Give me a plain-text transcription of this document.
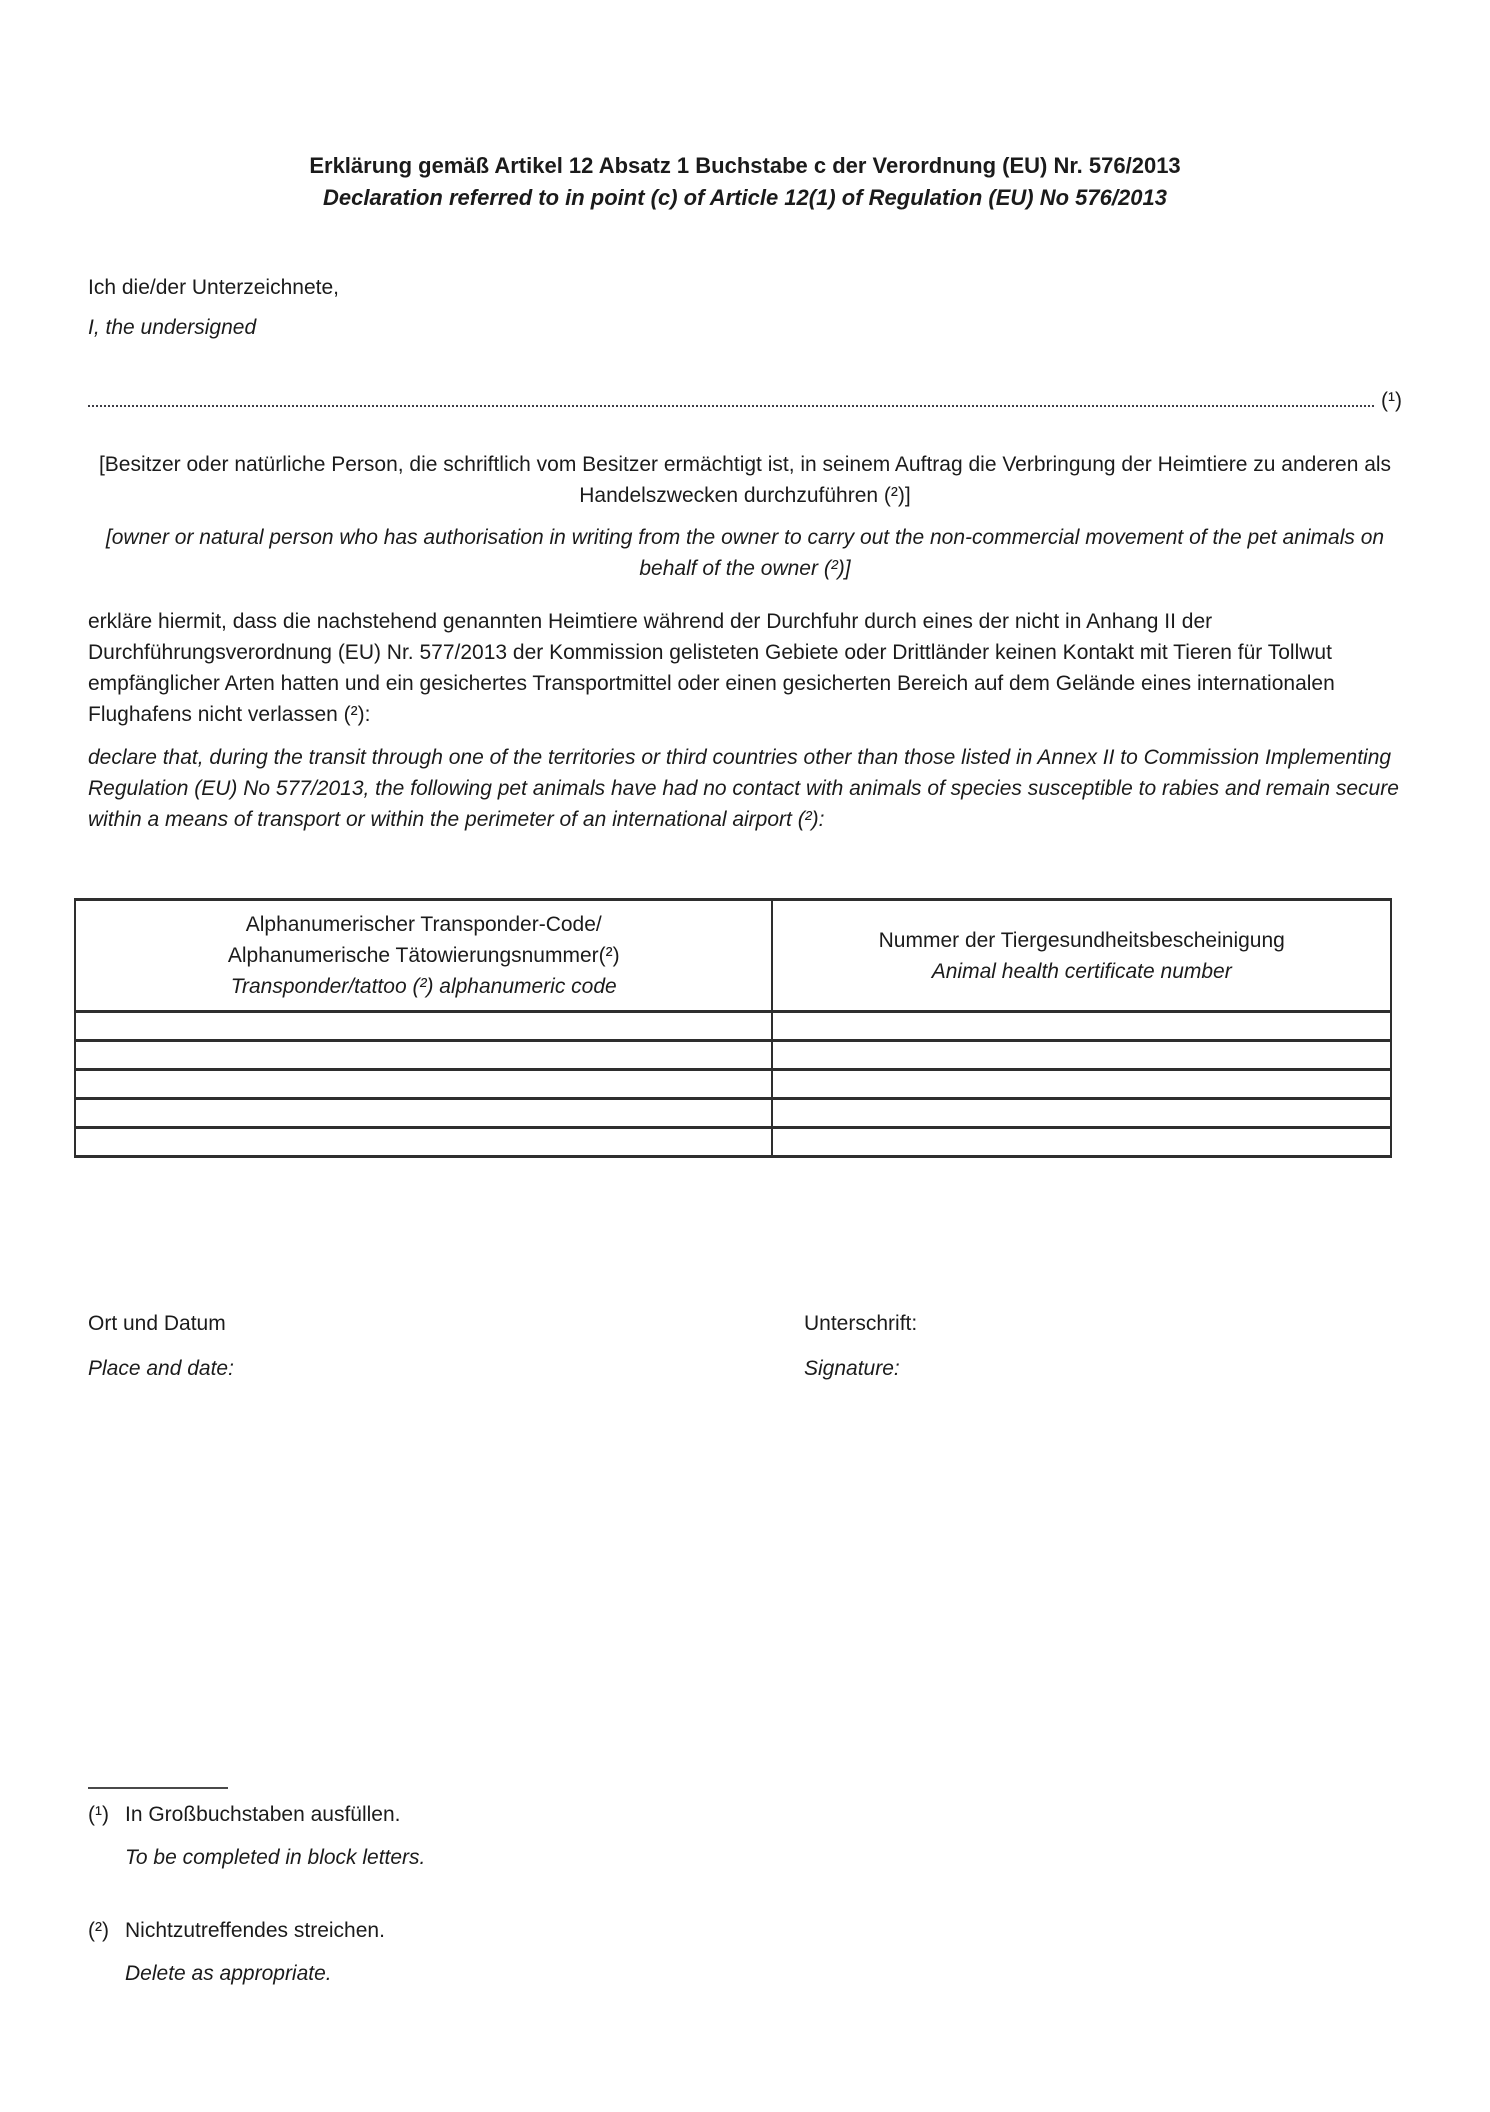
Erklärung gemäß Artikel 12 Absatz 1 Buchstabe c der Verordnung (EU) Nr. 576/2013

Declaration referred to in point (c) of Article 12(1) of Regulation (EU) No 576/2013

Ich die/der Unterzeichnete,

I, the undersigned

(¹)

[Besitzer oder natürliche Person, die schriftlich vom Besitzer ermächtigt ist, in seinem Auftrag die Verbringung der Heimtiere zu anderen als Handelszwecken durchzuführen (²)]

[owner or natural person who has authorisation in writing from the owner to carry out the non-commercial movement of the pet animals on behalf of the owner (²)]

erkläre hiermit, dass die nachstehend genannten Heimtiere während der Durchfuhr durch eines der nicht in Anhang II der Durchführungsverordnung (EU) Nr. 577/2013 der Kommission gelisteten Gebiete oder Drittländer keinen Kontakt mit Tieren für Tollwut empfänglicher Arten hatten und ein gesichertes Transportmittel oder einen gesicherten Bereich auf dem Gelände eines internationalen Flughafens nicht verlassen (²):

declare that, during the transit through one of the territories or third countries other than those listed in Annex II to Commission Implementing Regulation (EU) No 577/2013, the following pet animals have had no contact with animals of species susceptible to rabies and remain secure within a means of transport or within the perimeter of an international airport (²):

Alphanumerischer Transponder-Code/
Alphanumerische Tätowierungsnummer(²)
Transponder/tattoo (²) alphanumeric code	Nummer der Tiergesundheitsbescheinigung
Animal health certificate number

Ort und Datum

Place and date:

Unterschrift:

Signature:

(¹) In Großbuchstaben ausfüllen.

To be completed in block letters.

(²) Nichtzutreffendes streichen.

Delete as appropriate.
